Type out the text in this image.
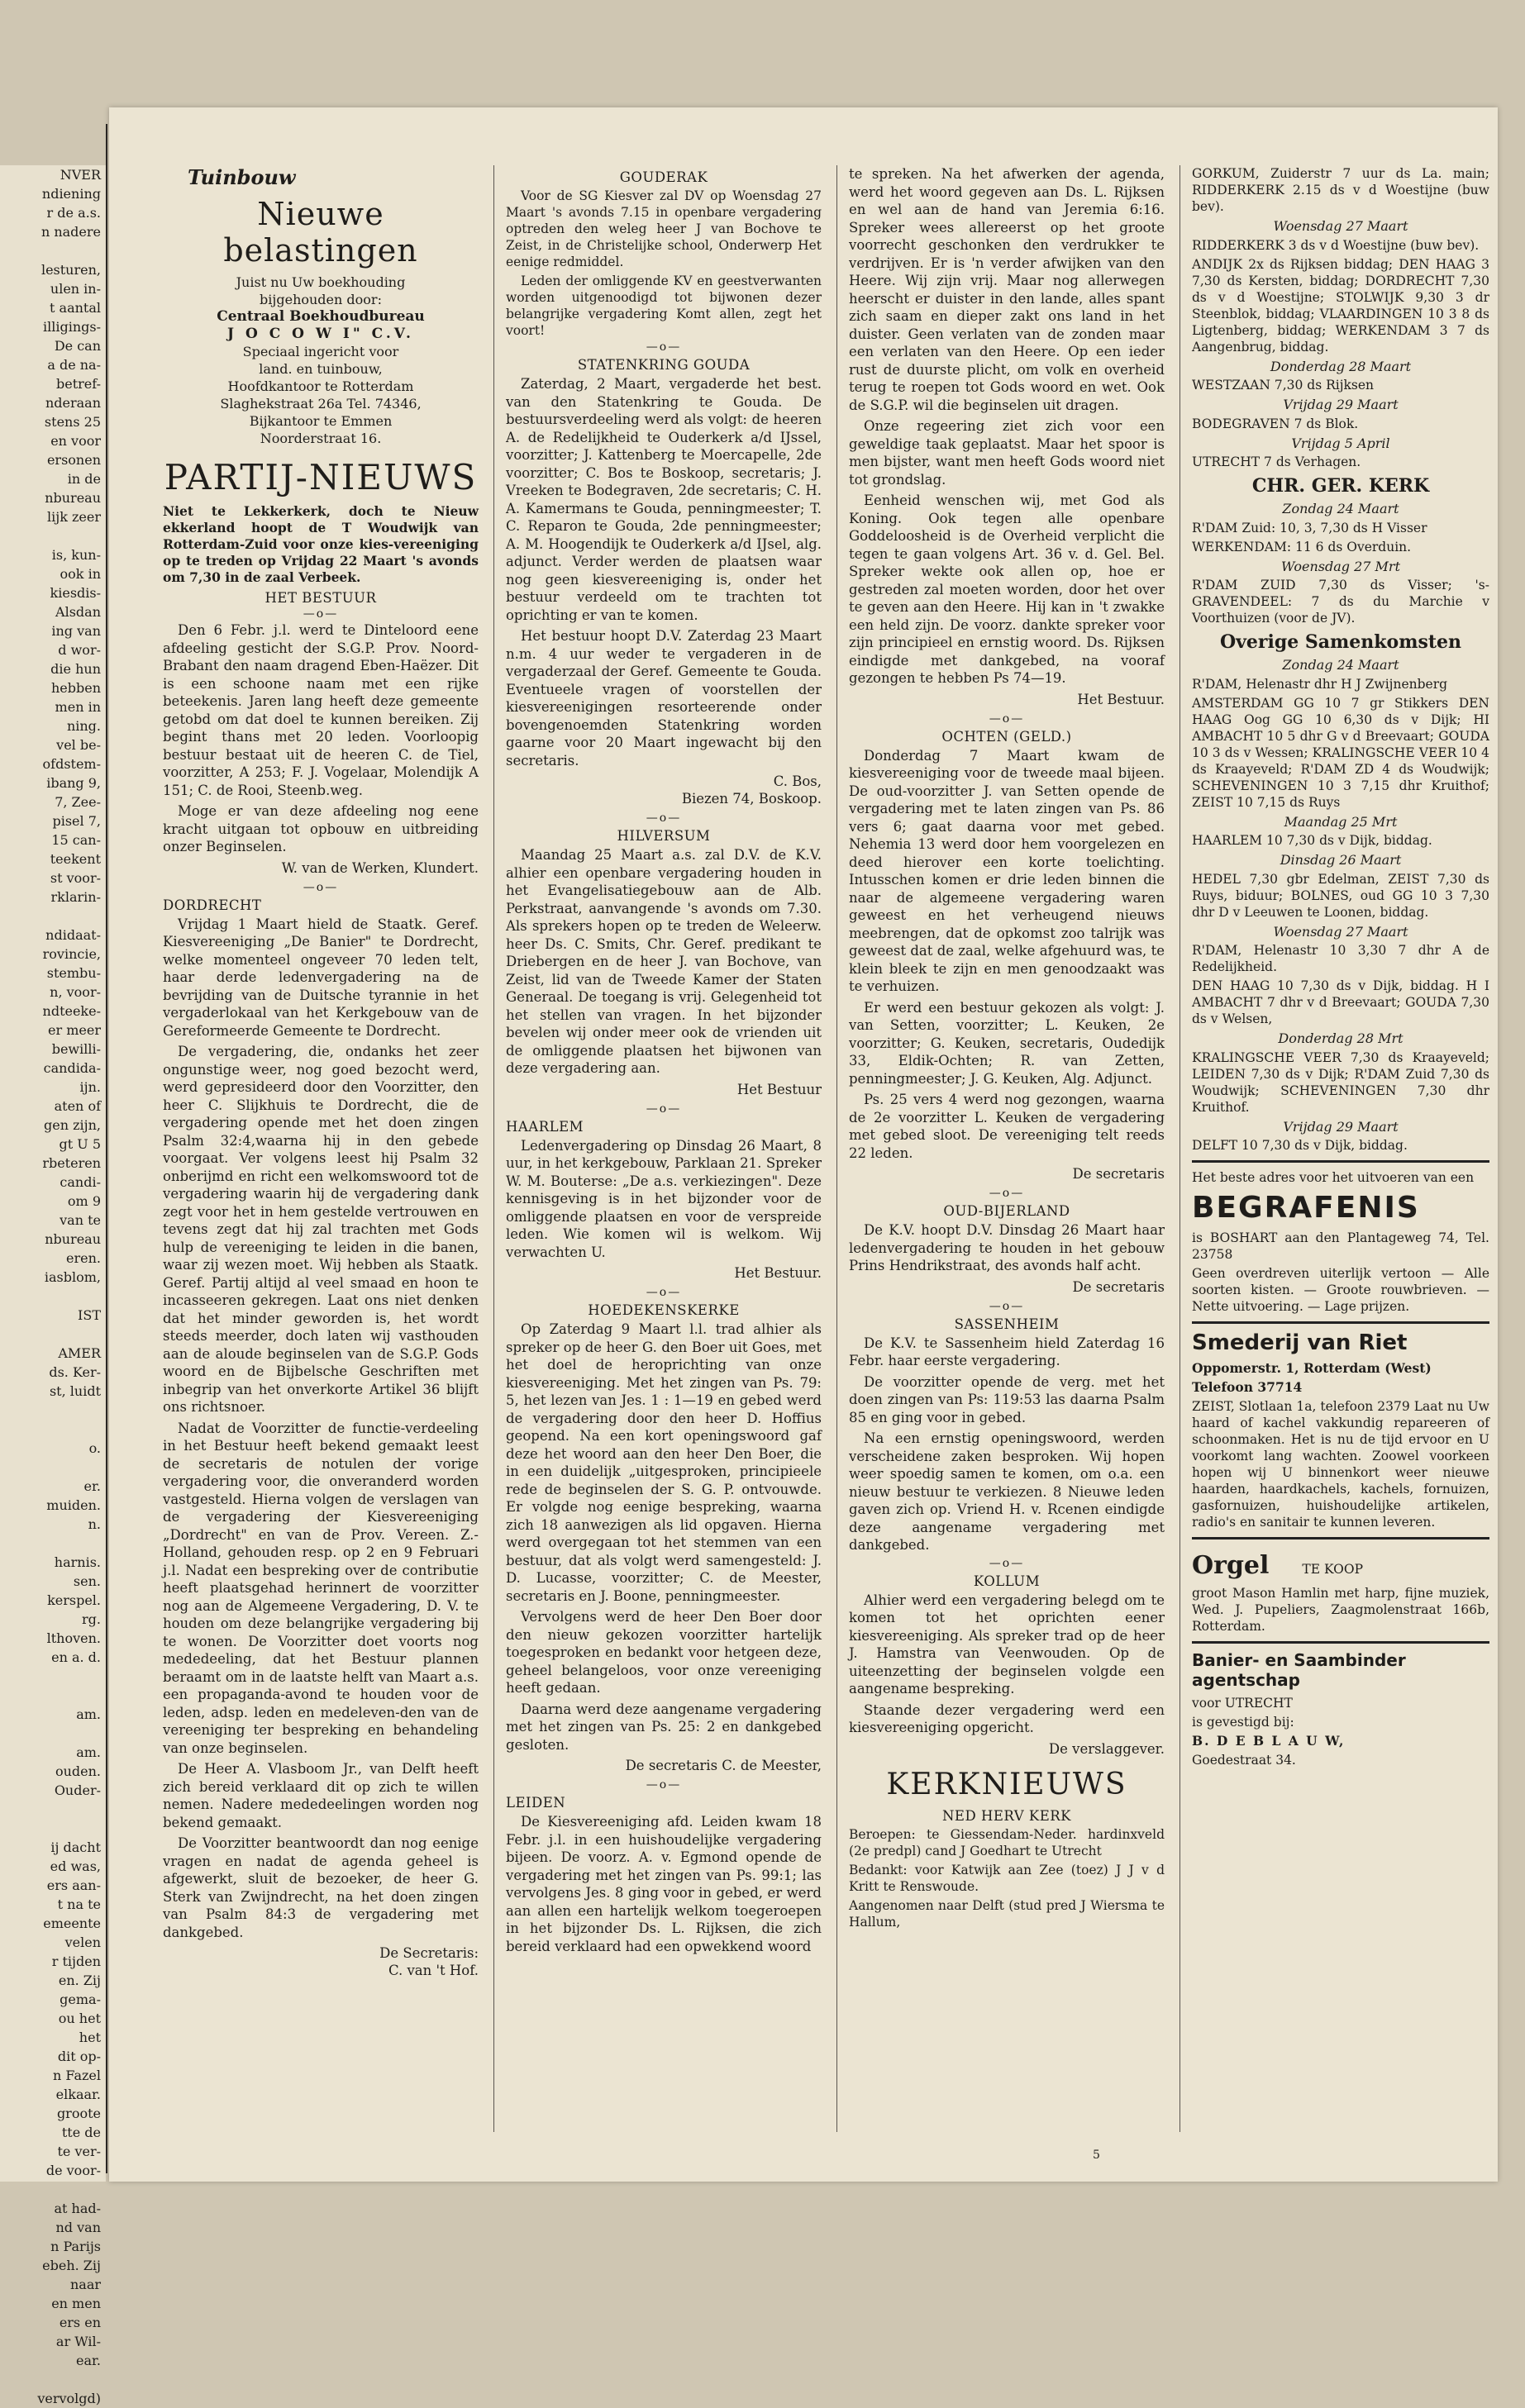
NVER
ndiening
r de a.s.
n nadere

lesturen,
ulen in-
t aantal
illigings-
De can
a de na-
betref-
nderaan
stens 25
en voor
ersonen
in de
nbureau
lijk zeer

is, kun-
ook in
kiesdis-
Alsdan
ing van
d wor-
die hun
hebben
men in
ning.
vel be-
ofdstem-
ibang 9,
7, Zee-
pisel 7,
15 can-
teekent
st voor-
rklarin-

ndidaat-
rovincie,
stembu-
n, voor-
ndteeke-
er meer
bewilli-
candida-
ijn.
aten of
gen zijn,
gt U 5
rbeteren
candi-
om 9
van te
nbureau
eren.
iasblom,

IST

AMER
ds. Ker-
st, luidt

o.

er.
muiden.
n.

harnis.
sen.
kerspel.
rg.
lthoven.
en a. d.

am.

am.
ouden.
Ouder-

ij dacht
ed was,
ers aan-
t na te
emeente
velen
r tijden
en. Zij
gema-
ou het
het
dit op-
n Fazel
elkaar.
groote
tte de
te ver-
de voor-

at had-
nd van
n Parijs
ebeh. Zij
naar
en men
ers en
ar Wil-
ear.

vervolgd)
Tuinbouw
Nieuwe belastingen
Juist nu Uw boekhouding
bijgehouden door:
Centraal Boekhoudbureau
J O C O W I" C.V.
Speciaal ingericht voor
land. en tuinbouw,
Hoofdkantoor te Rotterdam
Slaghekstraat 26a Tel. 74346,
Bijkantoor te Emmen
Noorderstraat 16.
PARTIJ-NIEUWS

Niet te Lekkerkerk, doch te Nieuw ekkerland hoopt de T Woudwijk van Rotterdam-Zuid voor onze kies-vereeniging op te treden op Vrijdag 22 Maart 's avonds om 7,30 in de zaal Verbeek.

HET BESTUUR

—o—

Den 6 Febr. j.l. werd te Dinteloord eene afdeeling gesticht der S.G.P. Prov. Noord-Brabant den naam dragend Eben-Haëzer. Dit is een schoone naam met een rijke beteekenis. Jaren lang heeft deze gemeente getobd om dat doel te kunnen bereiken. Zij begint thans met 20 leden. Voorloopig bestuur bestaat uit de heeren C. de Tiel, voorzitter, A 253; F. J. Vogelaar, Molendijk A 151; C. de Rooi, Steenb.weg.

Moge er van deze afdeeling nog eene kracht uitgaan tot opbouw en uitbreiding onzer Beginselen.

W. van de Werken, Klundert.

—o—

DORDRECHT

Vrijdag 1 Maart hield de Staatk. Geref. Kiesvereeniging „De Banier" te Dordrecht, welke momenteel ongeveer 70 leden telt, haar derde ledenvergadering na de bevrijding van de Duitsche tyrannie in het vergaderlokaal van het Kerkgebouw van de Gereformeerde Gemeente te Dordrecht.

De vergadering, die, ondanks het zeer ongunstige weer, nog goed bezocht werd, werd gepresideerd door den Voorzitter, den heer C. Slijkhuis te Dordrecht, die de vergadering opende met het doen zingen Psalm 32:4,waarna hij in den gebede voorgaat. Ver volgens leest hij Psalm 32 onberijmd en richt een welkomswoord tot de vergadering waarin hij de vergadering dank zegt voor het in hem gestelde vertrouwen en tevens zegt dat hij zal trachten met Gods hulp de vereeniging te leiden in die banen, waar zij wezen moet. Wij hebben als Staatk. Geref. Partij altijd al veel smaad en hoon te incasseeren gekregen. Laat ons niet denken dat het minder geworden is, het wordt steeds meerder, doch laten wij vasthouden aan de aloude beginselen van de S.G.P. Gods woord en de Bijbelsche Geschriften met inbegrip van het onverkorte Artikel 36 blijft ons richtsnoer.

Nadat de Voorzitter de functie-verdeeling in het Bestuur heeft bekend gemaakt leest de secretaris de notulen der vorige vergadering voor, die onveranderd worden vastgesteld. Hierna volgen de verslagen van de vergadering der Kiesvereeniging „Dordrecht" en van de Prov. Vereen. Z.-Holland, gehouden resp. op 2 en 9 Februari j.l. Nadat een bespreking over de contributie heeft plaatsgehad herinnert de voorzitter nog aan de Algemeene Vergadering, D. V. te houden om deze belangrijke vergadering bij te wonen. De Voorzitter doet voorts nog mededeeling, dat het Bestuur plannen beraamt om in de laatste helft van Maart a.s. een propaganda-avond te houden voor de leden, adsp. leden en medeleven-den van de vereeniging ter bespreking en behandeling van onze beginselen.

De Heer A. Vlasboom Jr., van Delft heeft zich bereid verklaard dit op zich te willen nemen. Nadere mededeelingen worden nog bekend gemaakt.

De Voorzitter beantwoordt dan nog eenige vragen en nadat de agenda geheel is afgewerkt, sluit de bezoeker, de heer G. Sterk van Zwijndrecht, na het doen zingen van Psalm 84:3 de vergadering met dankgebed.

De Secretaris:

C. van 't Hof.

GOUDERAK

Voor de SG Kiesver zal DV op Woensdag 27 Maart 's avonds 7.15 in openbare vergadering optreden den weleg heer J van Bochove te Zeist, in de Christelijke school, Onderwerp Het eenige redmiddel.

Leden der omliggende KV en geestverwanten worden uitgenoodigd tot bijwonen dezer belangrijke vergadering Komt allen, zegt het voort!

—o—

STATENKRING GOUDA

Zaterdag, 2 Maart, vergaderde het best. van den Statenkring te Gouda. De bestuursverdeeling werd als volgt: de heeren A. de Redelijkheid te Ouderkerk a/d IJssel, voorzitter; J. Kattenberg te Moercapelle, 2de voorzitter; C. Bos te Boskoop, secretaris; J. Vreeken te Bodegraven, 2de secretaris; C. H. A. Kamermans te Gouda, penningmeester; T. C. Reparon te Gouda, 2de penningmeester; A. M. Hoogendijk te Ouderkerk a/d IJsel, alg. adjunct. Verder werden de plaatsen waar nog geen kiesvereeniging is, onder het bestuur verdeeld om te trachten tot oprichting er van te komen.

Het bestuur hoopt D.V. Zaterdag 23 Maart n.m. 4 uur weder te vergaderen in de vergaderzaal der Geref. Gemeente te Gouda. Eventueele vragen of voorstellen der kiesvereenigingen resorteerende onder bovengenoemden Statenkring worden gaarne voor 20 Maart ingewacht bij den secretaris.

C. Bos,

Biezen 74, Boskoop.

—o—

HILVERSUM

Maandag 25 Maart a.s. zal D.V. de K.V. alhier een openbare vergadering houden in het Evangelisatiegebouw aan de Alb. Perkstraat, aanvangende 's avonds om 7.30. Als sprekers hopen op te treden de Weleerw. heer Ds. C. Smits, Chr. Geref. predikant te Driebergen en de heer J. van Bochove, van Zeist, lid van de Tweede Kamer der Staten Generaal. De toegang is vrij. Gelegenheid tot het stellen van vragen. In het bijzonder bevelen wij onder meer ook de vrienden uit de omliggende plaatsen het bijwonen van deze vergadering aan.

Het Bestuur

—o—

HAARLEM

Ledenvergadering op Dinsdag 26 Maart, 8 uur, in het kerkgebouw, Parklaan 21. Spreker W. M. Bouterse: „De a.s. verkiezingen". Deze kennisgeving is in het bijzonder voor de omliggende plaatsen en voor de verspreide leden. Wie komen wil is welkom. Wij verwachten U.

Het Bestuur.

—o—

HOEDEKENSKERKE

Op Zaterdag 9 Maart l.l. trad alhier als spreker op de heer G. den Boer uit Goes, met het doel de heroprichting van onze kiesvereeniging. Met het zingen van Ps. 79: 5, het lezen van Jes. 1 : 1—19 en gebed werd de vergadering door den heer D. Hoffius geopend. Na een kort openingswoord gaf deze het woord aan den heer Den Boer, die in een duidelijk „uitgesproken, principieele rede de beginselen der S. G. P. ontvouwde. Er volgde nog eenige bespreking, waarna zich 18 aanwezigen als lid opgaven. Hierna werd overgegaan tot het stemmen van een bestuur, dat als volgt werd samengesteld: J. D. Lucasse, voorzitter; C. de Meester, secretaris en J. Boone, penningmeester.

Vervolgens werd de heer Den Boer door den nieuw gekozen voorzitter hartelijk toegesproken en bedankt voor hetgeen deze, geheel belangeloos, voor onze vereeniging heeft gedaan.

Daarna werd deze aangename vergadering met het zingen van Ps. 25: 2 en dankgebed gesloten.

De secretaris C. de Meester,

—o—

LEIDEN

De Kiesvereeniging afd. Leiden kwam 18 Febr. j.l. in een huishoudelijke vergadering bijeen. De voorz. A. v. Egmond opende de vergadering met het zingen van Ps. 99:1; las vervolgens Jes. 8 ging voor in gebed, er werd aan allen een hartelijk welkom toegeroepen in het bijzonder Ds. L. Rijksen, die zich bereid verklaard had een opwekkend woord

te spreken. Na het afwerken der agenda, werd het woord gegeven aan Ds. L. Rijksen en wel aan de hand van Jeremia 6:16. Spreker wees allereerst op het groote voorrecht geschonken den verdrukker te verdrijven. Er is 'n verder afwijken van den Heere. Wij zijn vrij. Maar nog allerwegen heerscht er duister in den lande, alles spant zich saam en dieper zakt ons land in het duister. Geen verlaten van de zonden maar een verlaten van den Heere. Op een ieder rust de duurste plicht, om volk en overheid terug te roepen tot Gods woord en wet. Ook de S.G.P. wil die beginselen uit dragen.

Onze regeering ziet zich voor een geweldige taak geplaatst. Maar het spoor is men bijster, want men heeft Gods woord niet tot grondslag.

Eenheid wenschen wij, met God als Koning. Ook tegen alle openbare Goddeloosheid is de Overheid verplicht die tegen te gaan volgens Art. 36 v. d. Gel. Bel. Spreker wekte ook allen op, hoe er gestreden zal moeten worden, door het over te geven aan den Heere. Hij kan in 't zwakke een held zijn. De voorz. dankte spreker voor zijn principieel en ernstig woord. Ds. Rijksen eindigde met dankgebed, na vooraf gezongen te hebben Ps 74—19.

Het Bestuur.

—o—

OCHTEN (GELD.)

Donderdag 7 Maart kwam de kiesvereeniging voor de tweede maal bijeen. De oud-voorzitter J. van Setten opende de vergadering met te laten zingen van Ps. 86 vers 6; gaat daarna voor met gebed. Nehemia 13 werd door hem voorgelezen en deed hierover een korte toelichting. Intusschen komen er drie leden binnen die naar de algemeene vergadering waren geweest en het verheugend nieuws meebrengen, dat de opkomst zoo talrijk was geweest dat de zaal, welke afgehuurd was, te klein bleek te zijn en men genoodzaakt was te verhuizen.

Er werd een bestuur gekozen als volgt: J. van Setten, voorzitter; L. Keuken, 2e voorzitter; G. Keuken, secretaris, Oudedijk 33, Eldik-Ochten; R. van Zetten, penningmeester; J. G. Keuken, Alg. Adjunct.

Ps. 25 vers 4 werd nog gezongen, waarna de 2e voorzitter L. Keuken de vergadering met gebed sloot. De vereeniging telt reeds 22 leden.

De secretaris

—o—

OUD-BIJERLAND

De K.V. hoopt D.V. Dinsdag 26 Maart haar ledenvergadering te houden in het gebouw Prins Hendrikstraat, des avonds half acht.

De secretaris

—o—

SASSENHEIM

De K.V. te Sassenheim hield Zaterdag 16 Febr. haar eerste vergadering.

De voorzitter opende de verg. met het doen zingen van Ps: 119:53 las daarna Psalm 85 en ging voor in gebed.

Na een ernstig openingswoord, werden verscheidene zaken besproken. Wij hopen weer spoedig samen te komen, om o.a. een nieuw bestuur te verkiezen. 8 Nieuwe leden gaven zich op. Vriend H. v. Rcenen eindigde deze aangename vergadering met dankgebed.

—o—

KOLLUM

Alhier werd een vergadering belegd om te komen tot het oprichten eener kiesvereeniging. Als spreker trad op de heer J. Hamstra van Veenwouden. Op de uiteenzetting der beginselen volgde een aangename bespreking.

Staande dezer vergadering werd een kiesvereeniging opgericht.

De verslaggever.

KERKNIEUWS

NED HERV KERK

Beroepen: te Giessendam-Neder. hardinxveld (2e predpl) cand J Goedhart te Utrecht

Bedankt: voor Katwijk aan Zee (toez) J J v d Kritt te Renswoude.

Aangenomen naar Delft (stud pred J Wiersma te Hallum,

GORKUM, Zuiderstr 7 uur ds La. main; RIDDERKERK 2.15 ds v d Woestijne (buw bev).

Woensdag 27 Maart

RIDDERKERK 3 ds v d Woestijne (buw bev).

ANDIJK 2x ds Rijksen biddag; DEN HAAG 3 7,30 ds Kersten, biddag; DORDRECHT 7,30 ds v d Woestijne; STOLWIJK 9,30 3 dr Steenblok, biddag; VLAARDINGEN 10 3 8 ds Ligtenberg, biddag; WERKENDAM 3 7 ds Aangenbrug, biddag.

Donderdag 28 Maart

WESTZAAN 7,30 ds Rijksen

Vrijdag 29 Maart

BODEGRAVEN 7 ds Blok.

Vrijdag 5 April

UTRECHT 7 ds Verhagen.

CHR. GER. KERK

Zondag 24 Maart

R'DAM Zuid: 10, 3, 7,30 ds H Visser

WERKENDAM: 11 6 ds Overduin.

Woensdag 27 Mrt

R'DAM ZUID 7,30 ds Visser; 's-GRAVENDEEL: 7 ds du Marchie v Voorthuizen (voor de JV).

Overige Samenkomsten

Zondag 24 Maart

R'DAM, Helenastr dhr H J Zwijnenberg

AMSTERDAM GG 10 7 gr Stikkers DEN HAAG Oog GG 10 6,30 ds v Dijk; HI AMBACHT 10 5 dhr G v d Breevaart; GOUDA 10 3 ds v Wessen; KRALINGSCHE VEER 10 4 ds Kraayeveld; R'DAM ZD 4 ds Woudwijk; SCHEVENINGEN 10 3 7,15 dhr Kruithof; ZEIST 10 7,15 ds Ruys

Maandag 25 Mrt

HAARLEM 10 7,30 ds v Dijk, biddag.

Dinsdag 26 Maart

HEDEL 7,30 gbr Edelman, ZEIST 7,30 ds Ruys, biduur; BOLNES, oud GG 10 3 7,30 dhr D v Leeuwen te Loonen, biddag.

Woensdag 27 Maart

R'DAM, Helenastr 10 3,30 7 dhr A de Redelijkheid.

DEN HAAG 10 7,30 ds v Dijk, biddag. H I AMBACHT 7 dhr v d Breevaart; GOUDA 7,30 ds v Welsen,

Donderdag 28 Mrt

KRALINGSCHE VEER 7,30 ds Kraayeveld; LEIDEN 7,30 ds v Dijk; R'DAM Zuid 7,30 ds Woudwijk; SCHEVENINGEN 7,30 dhr Kruithof.

Vrijdag 29 Maart

DELFT 10 7,30 ds v Dijk, biddag.

Het beste adres voor het uitvoeren van een

BEGRAFENIS

is BOSHART aan den Plantageweg 74, Tel. 23758

Geen overdreven uiterlijk vertoon — Alle soorten kisten. — Groote rouwbrieven. — Nette uitvoering. — Lage prijzen.

Smederij van Riet

Oppomerstr. 1, Rotterdam (West)

Telefoon 37714

ZEIST, Slotlaan 1a, telefoon 2379 Laat nu Uw haard of kachel vakkundig repareeren of schoonmaken. Het is nu de tijd ervoor en U voorkomt lang wachten. Zoowel voorkeen hopen wij U binnenkort weer nieuwe haarden, haardkachels, kachels, fornuizen, gasfornuizen, huishoudelijke artikelen, radio's en sanitair te kunnen leveren.

Orgel	TE KOOP

groot Mason Hamlin met harp, fijne muziek, Wed. J. Pupeliers, Zaagmolenstraat 166b, Rotterdam.

Banier- en Saambinder agentschap

voor UTRECHT

is gevestigd bij:

B. D E B L A U W,

Goedestraat 34.

5
